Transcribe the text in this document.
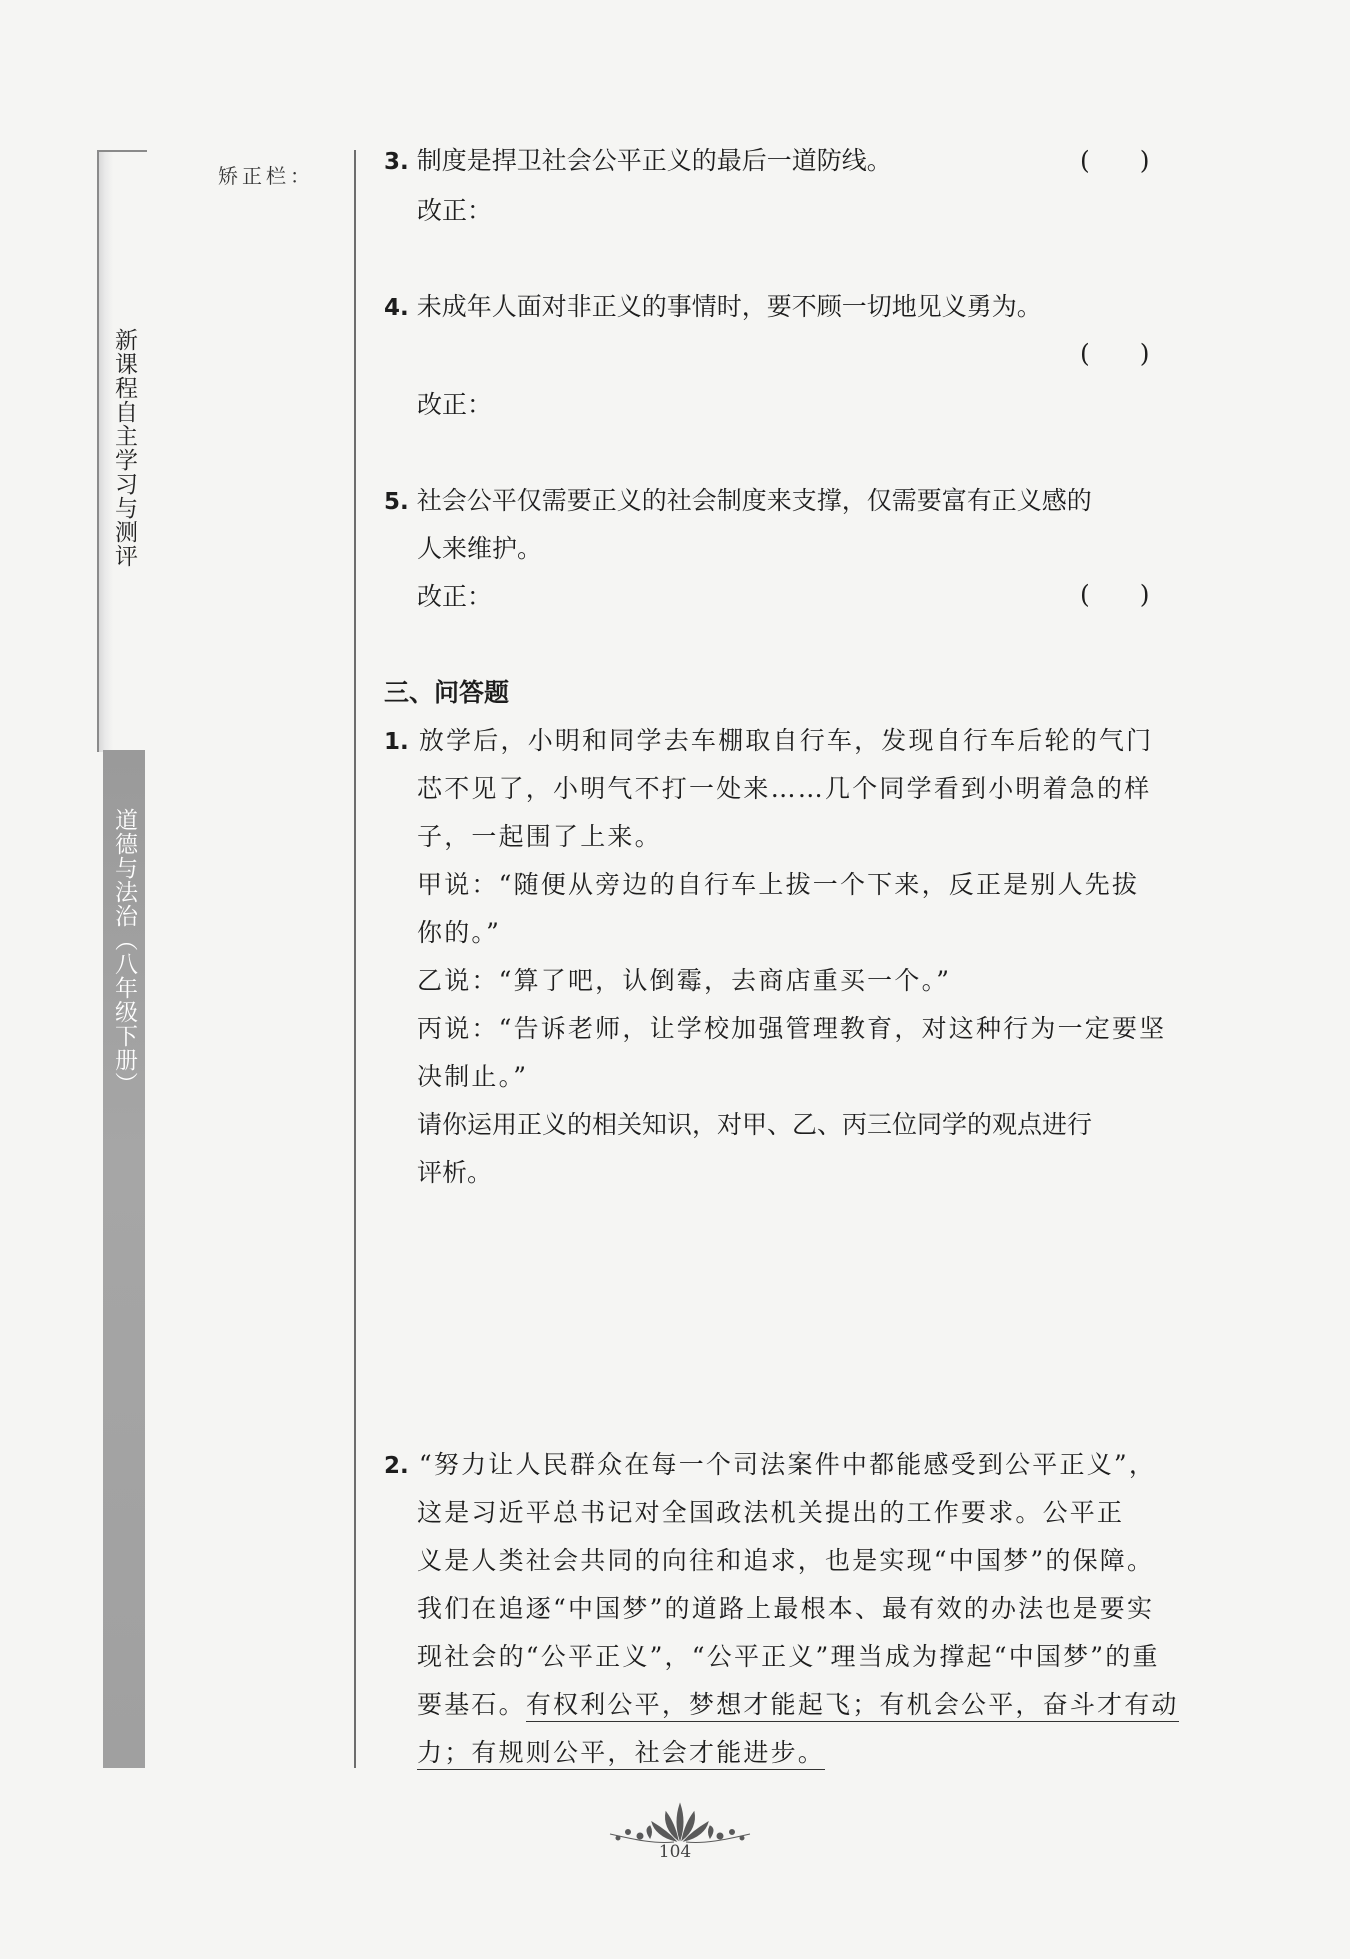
新课程自主学习与测评
道德与法治（八年级下册）
矫正栏：
3. 制度是捍卫社会公平正义的最后一道防线。	(　　)
改正：
4. 未成年人面对非正义的事情时，要不顾一切地见义勇为。
(　　)
改正：
5. 社会公平仅需要正义的社会制度来支撑，仅需要富有正义感的
人来维护。
改正：	(　　)
三、问答题
1. 放学后，小明和同学去车棚取自行车，发现自行车后轮的气门
芯不见了，小明气不打一处来……几个同学看到小明着急的样
子，一起围了上来。
甲说：“随便从旁边的自行车上拔一个下来，反正是别人先拔
你的。”
乙说：“算了吧，认倒霉，去商店重买一个。”
丙说：“告诉老师，让学校加强管理教育，对这种行为一定要坚
决制止。”
请你运用正义的相关知识，对甲、乙、丙三位同学的观点进行
评析。
2. “努力让人民群众在每一个司法案件中都能感受到公平正义”，
这是习近平总书记对全国政法机关提出的工作要求。公平正
义是人类社会共同的向往和追求，也是实现“中国梦”的保障。
我们在追逐“中国梦”的道路上最根本、最有效的办法也是要实
现社会的“公平正义”，“公平正义”理当成为撑起“中国梦”的重
要基石。有权利公平，梦想才能起飞；有机会公平，奋斗才有动
力；有规则公平，社会才能进步。
104
